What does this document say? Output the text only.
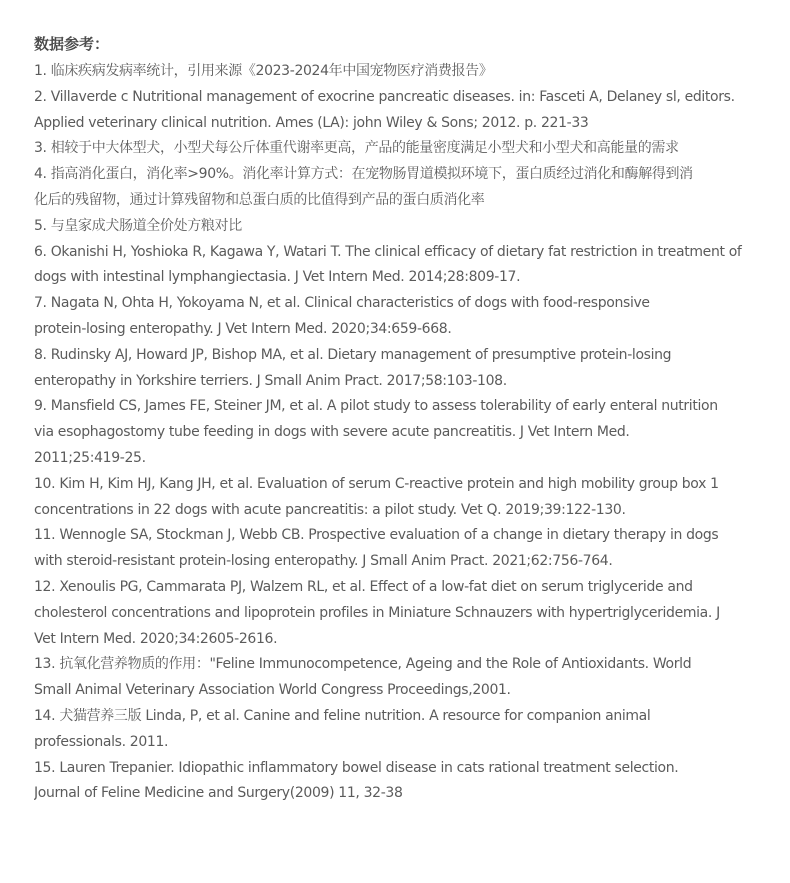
数据参考：
1. 临床疾病发病率统计，引用来源《2023-2024年中国宠物医疗消费报告》
2. Villaverde c Nutritional management of exocrine pancreatic diseases. in: Fasceti A, Delaney sl, editors.
Applied veterinary clinical nutrition. Ames (LA): john Wiley & Sons; 2012. p. 221-33
3. 相较于中大体型犬，小型犬每公斤体重代谢率更高，产品的能量密度满足小型犬和小型犬和高能量的需求
4. 指高消化蛋白，消化率>90%。消化率计算方式：在宠物肠胃道模拟环境下，蛋白质经过消化和酶解得到消
化后的残留物，通过计算残留物和总蛋白质的比值得到产品的蛋白质消化率
5. 与皇家成犬肠道全价处方粮对比
6. Okanishi H, Yoshioka R, Kagawa Y, Watari T. The clinical efficacy of dietary fat restriction in treatment of
dogs with intestinal lymphangiectasia. J Vet Intern Med. 2014;28:809-17.
7. Nagata N, Ohta H, Yokoyama N, et al. Clinical characteristics of dogs with food-responsive
protein-losing enteropathy. J Vet Intern Med. 2020;34:659-668.
8. Rudinsky AJ, Howard JP, Bishop MA, et al. Dietary management of presumptive protein-losing
enteropathy in Yorkshire terriers. J Small Anim Pract. 2017;58:103-108.
9. Mansfield CS, James FE, Steiner JM, et al. A pilot study to assess tolerability of early enteral nutrition
via esophagostomy tube feeding in dogs with severe acute pancreatitis. J Vet Intern Med.
2011;25:419-25.
10. Kim H, Kim HJ, Kang JH, et al. Evaluation of serum C-reactive protein and high mobility group box 1
concentrations in 22 dogs with acute pancreatitis: a pilot study. Vet Q. 2019;39:122-130.
11. Wennogle SA, Stockman J, Webb CB. Prospective evaluation of a change in dietary therapy in dogs
with steroid-resistant protein-losing enteropathy. J Small Anim Pract. 2021;62:756-764.
12. Xenoulis PG, Cammarata PJ, Walzem RL, et al. Effect of a low-fat diet on serum triglyceride and
cholesterol concentrations and lipoprotein profiles in Miniature Schnauzers with hypertriglyceridemia. J
Vet Intern Med. 2020;34:2605-2616.
13. 抗氧化营养物质的作用："Feline Immunocompetence, Ageing and the Role of Antioxidants. World
Small Animal Veterinary Association World Congress Proceedings,2001.
14. 犬猫营养三版 Linda, P, et al. Canine and feline nutrition. A resource for companion animal
professionals. 2011.
15. Lauren Trepanier. Idiopathic inflammatory bowel disease in cats rational treatment selection.
Journal of Feline Medicine and Surgery(2009) 11, 32-38
